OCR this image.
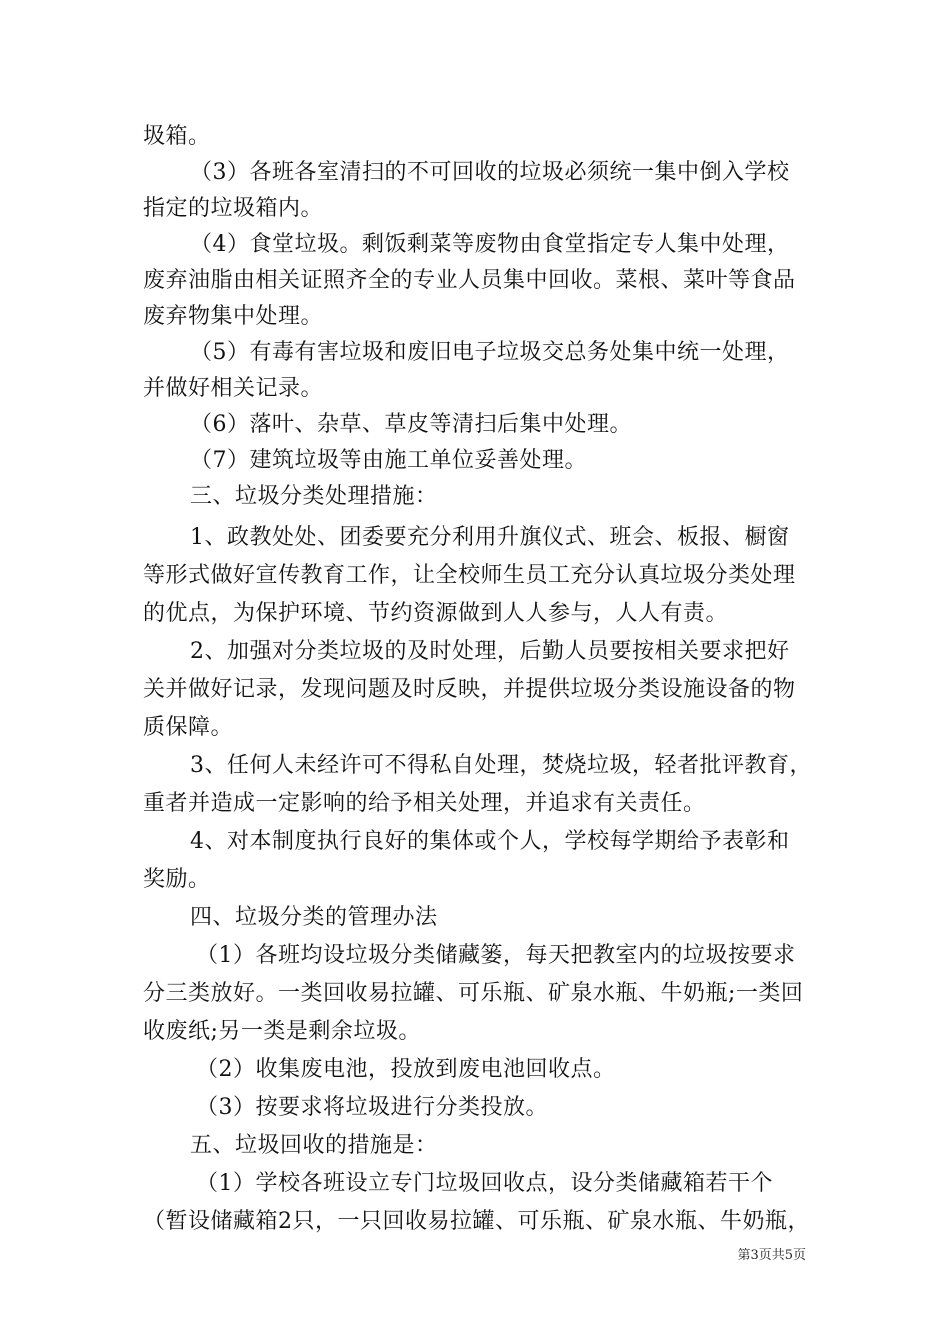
圾箱。
（3）各班各室清扫的不可回收的垃圾必须统一集中倒入学校
指定的垃圾箱内。
（4）食堂垃圾。剩饭剩菜等废物由食堂指定专人集中处理，
废弃油脂由相关证照齐全的专业人员集中回收。菜根、菜叶等食品
废弃物集中处理。
（5）有毒有害垃圾和废旧电子垃圾交总务处集中统一处理，
并做好相关记录。
（6）落叶、杂草、草皮等清扫后集中处理。
（7）建筑垃圾等由施工单位妥善处理。
三、垃圾分类处理措施：
1、政教处处、团委要充分利用升旗仪式、班会、板报、橱窗
等形式做好宣传教育工作，让全校师生员工充分认真垃圾分类处理
的优点，为保护环境、节约资源做到人人参与，人人有责。
2、加强对分类垃圾的及时处理，后勤人员要按相关要求把好
关并做好记录，发现问题及时反映，并提供垃圾分类设施设备的物
质保障。
3、任何人未经许可不得私自处理，焚烧垃圾，轻者批评教育，
重者并造成一定影响的给予相关处理，并追求有关责任。
4、对本制度执行良好的集体或个人，学校每学期给予表彰和
奖励。
四、垃圾分类的管理办法
（1）各班均设垃圾分类储藏篓，每天把教室内的垃圾按要求
分三类放好。一类回收易拉罐、可乐瓶、矿泉水瓶、牛奶瓶;一类回
收废纸;另一类是剩余垃圾。
（2）收集废电池，投放到废电池回收点。
（3）按要求将垃圾进行分类投放。
五、垃圾回收的措施是：
（1）学校各班设立专门垃圾回收点，设分类储藏箱若干个
（暂设储藏箱2只，一只回收易拉罐、可乐瓶、矿泉水瓶、牛奶瓶，
第3页共5页
